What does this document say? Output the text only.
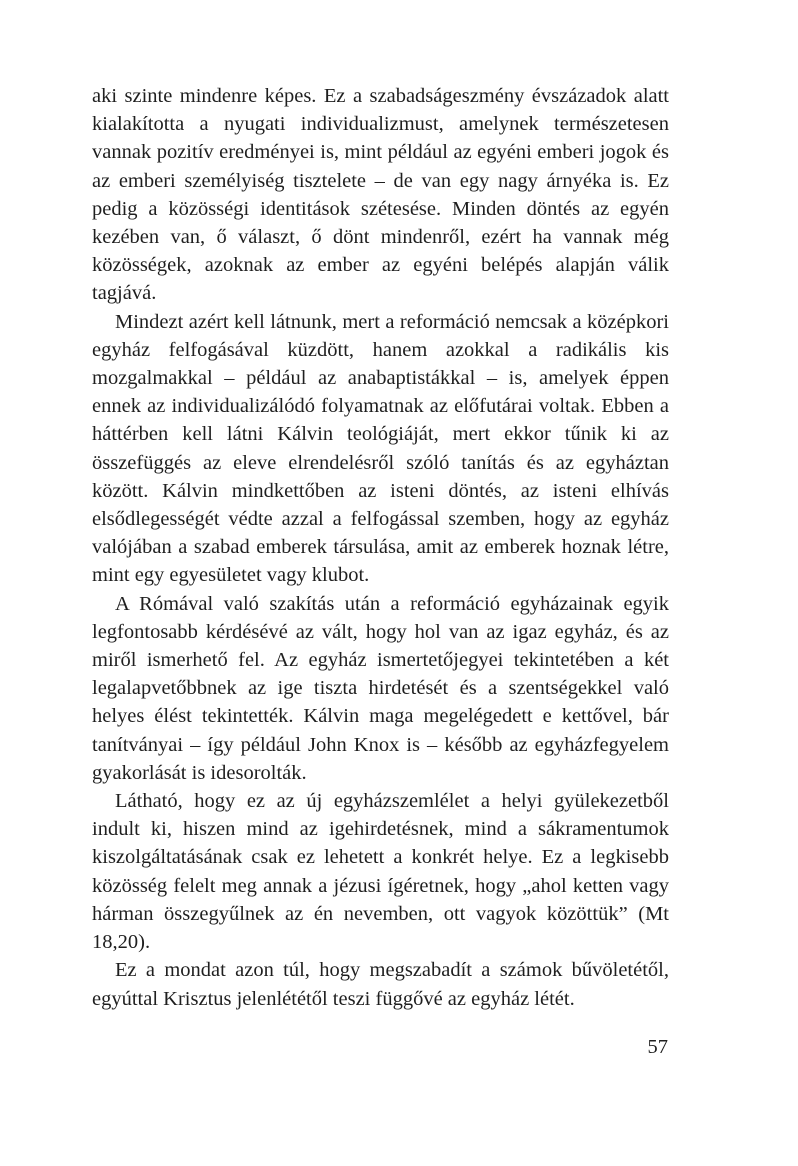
aki szinte mindenre képes. Ez a szabadságeszmény évszázadok alatt kialakította a nyugati individualizmust, amelynek természetesen vannak pozitív eredményei is, mint például az egyéni emberi jogok és az emberi személyiség tisztelete – de van egy nagy árnyéka is. Ez pedig a közösségi identitások szétesése. Minden döntés az egyén kezében van, ő választ, ő dönt mindenről, ezért ha vannak még közösségek, azoknak az ember az egyéni belépés alapján válik tagjává.

Mindezt azért kell látnunk, mert a reformáció nemcsak a középkori egyház felfogásával küzdött, hanem azokkal a radikális kis mozgalmakkal – például az anabaptistákkal – is, amelyek éppen ennek az individualizálódó folyamatnak az előfutárai voltak. Ebben a háttérben kell látni Kálvin teológiáját, mert ekkor tűnik ki az összefüggés az eleve elrendelésről szóló tanítás és az egyháztan között. Kálvin mindkettőben az isteni döntés, az isteni elhívás elsődlegességét védte azzal a felfogással szemben, hogy az egyház valójában a szabad emberek társulása, amit az emberek hoznak létre, mint egy egyesületet vagy klubot.

A Rómával való szakítás után a reformáció egyházainak egyik legfontosabb kérdésévé az vált, hogy hol van az igaz egyház, és az miről ismerhető fel. Az egyház ismertetőjegyei tekintetében a két legalapvetőbbnek az ige tiszta hirdetését és a szentségekkel való helyes élést tekintették. Kálvin maga megelégedett e kettővel, bár tanítványai – így például John Knox is – később az egyházfegyelem gyakorlását is idesorolták.

Látható, hogy ez az új egyházszemlélet a helyi gyülekezetből indult ki, hiszen mind az igehirdetésnek, mind a sákramentumok kiszolgáltatásának csak ez lehetett a konkrét helye. Ez a legkisebb közösség felelt meg annak a jézusi ígéretnek, hogy „ahol ketten vagy hárman összegyűlnek az én nevemben, ott vagyok közöttük” (Mt 18,20).

Ez a mondat azon túl, hogy megszabadít a számok bűvöletétől, egyúttal Krisztus jelenlététől teszi függővé az egyház létét.

57
